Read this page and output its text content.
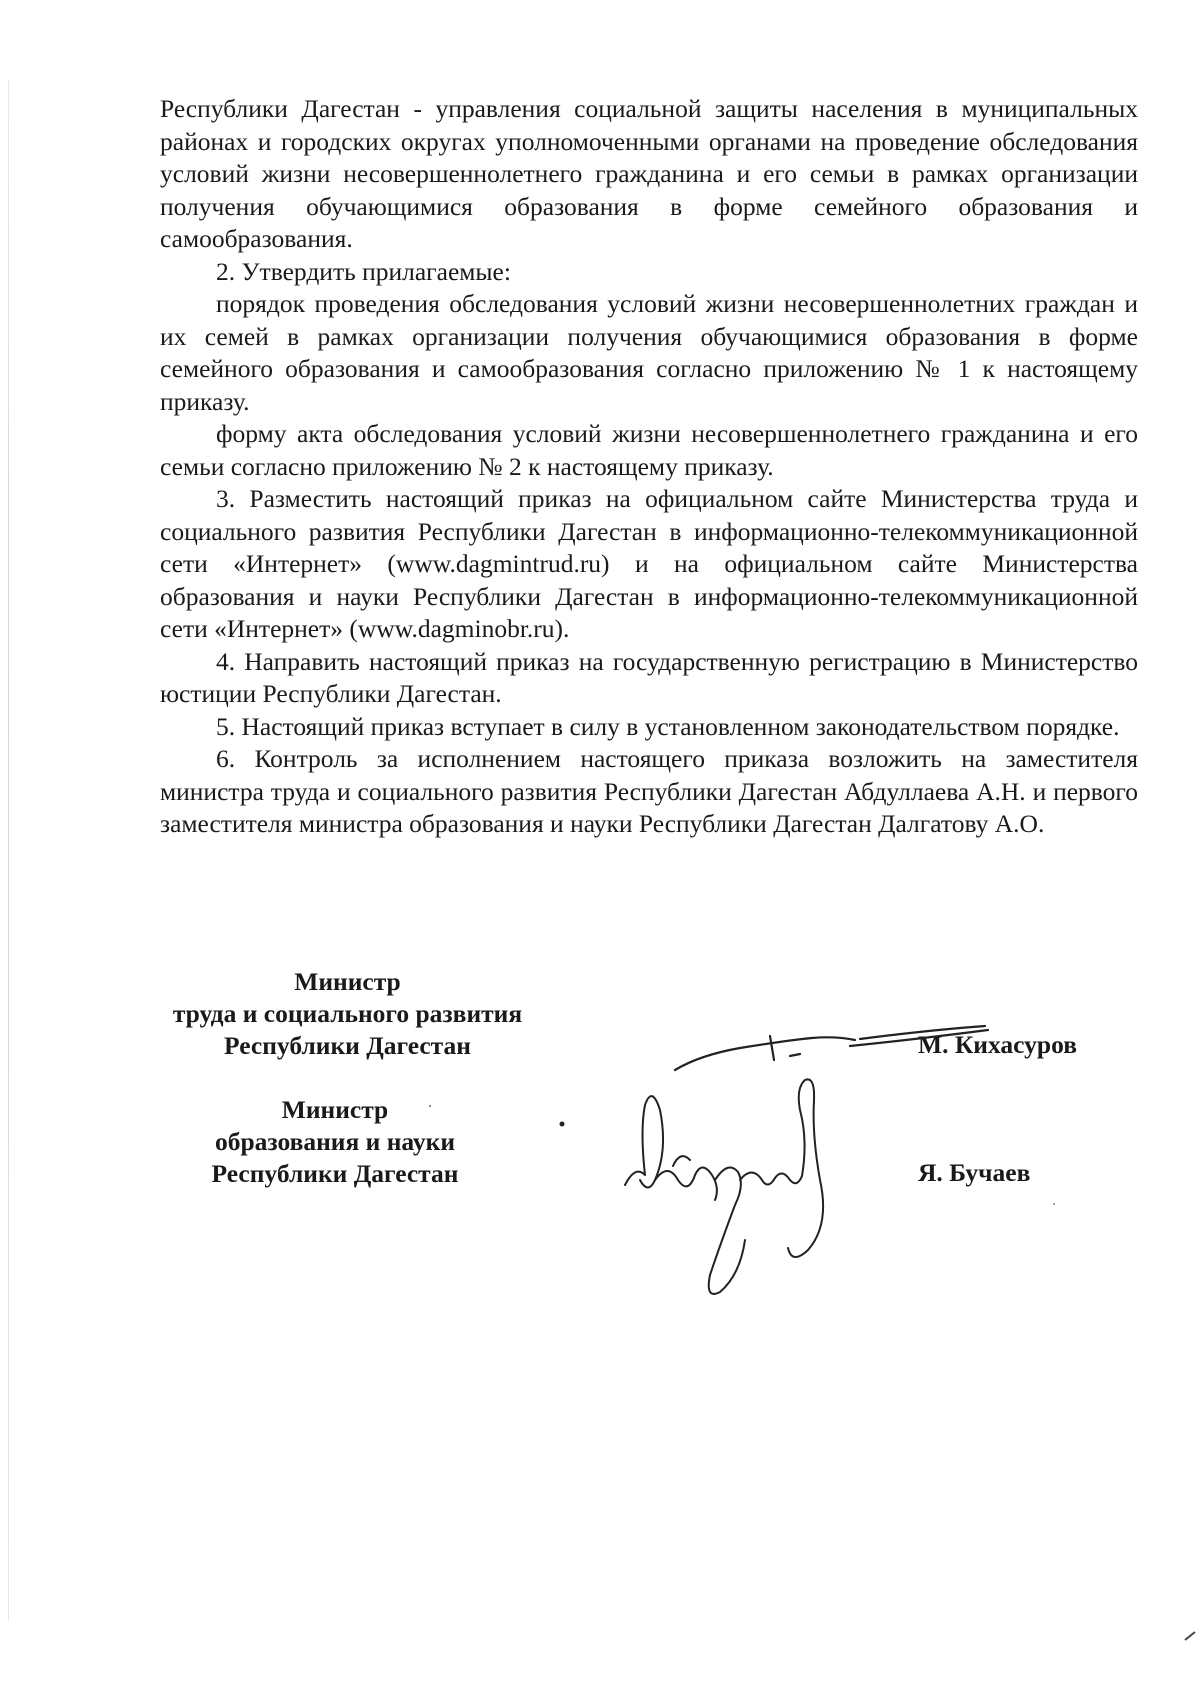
Республики Дагестан - управления социальной защиты населения в муниципальных районах и городских округах уполномоченными органами на проведение обследования условий жизни несовершеннолетнего гражданина и его семьи в рамках организации получения обучающимися образования в форме семейного образования и самообразования.

2. Утвердить прилагаемые:

порядок проведения обследования условий жизни несовершеннолетних граждан и их семей в рамках организации получения обучающимися образования в форме семейного образования и самообразования согласно приложению № 1 к настоящему приказу.

форму акта обследования условий жизни несовершеннолетнего гражданина и его семьи согласно приложению № 2 к настоящему приказу.

3. Разместить настоящий приказ на официальном сайте Министерства труда и социального развития Республики Дагестан в информационно-телекоммуникационной сети «Интернет» (www.dagmintrud.ru) и на официальном сайте Министерства образования и науки Республики Дагестан в информационно-телекоммуникационной сети «Интернет» (www.dagminobr.ru).

4. Направить настоящий приказ на государственную регистрацию в Министерство юстиции Республики Дагестан.

5. Настоящий приказ вступает в силу в установленном законодательством порядке.

6. Контроль за исполнением настоящего приказа возложить на заместителя министра труда и социального развития Республики Дагестан Абдуллаева А.Н. и первого заместителя министра образования и науки Республики Дагестан Далгатову А.О.

Министр
труда и социального развития
Республики Дагестан	М. Кихасуров
Министр
образования и науки
Республики Дагестан	Я. Бучаев
